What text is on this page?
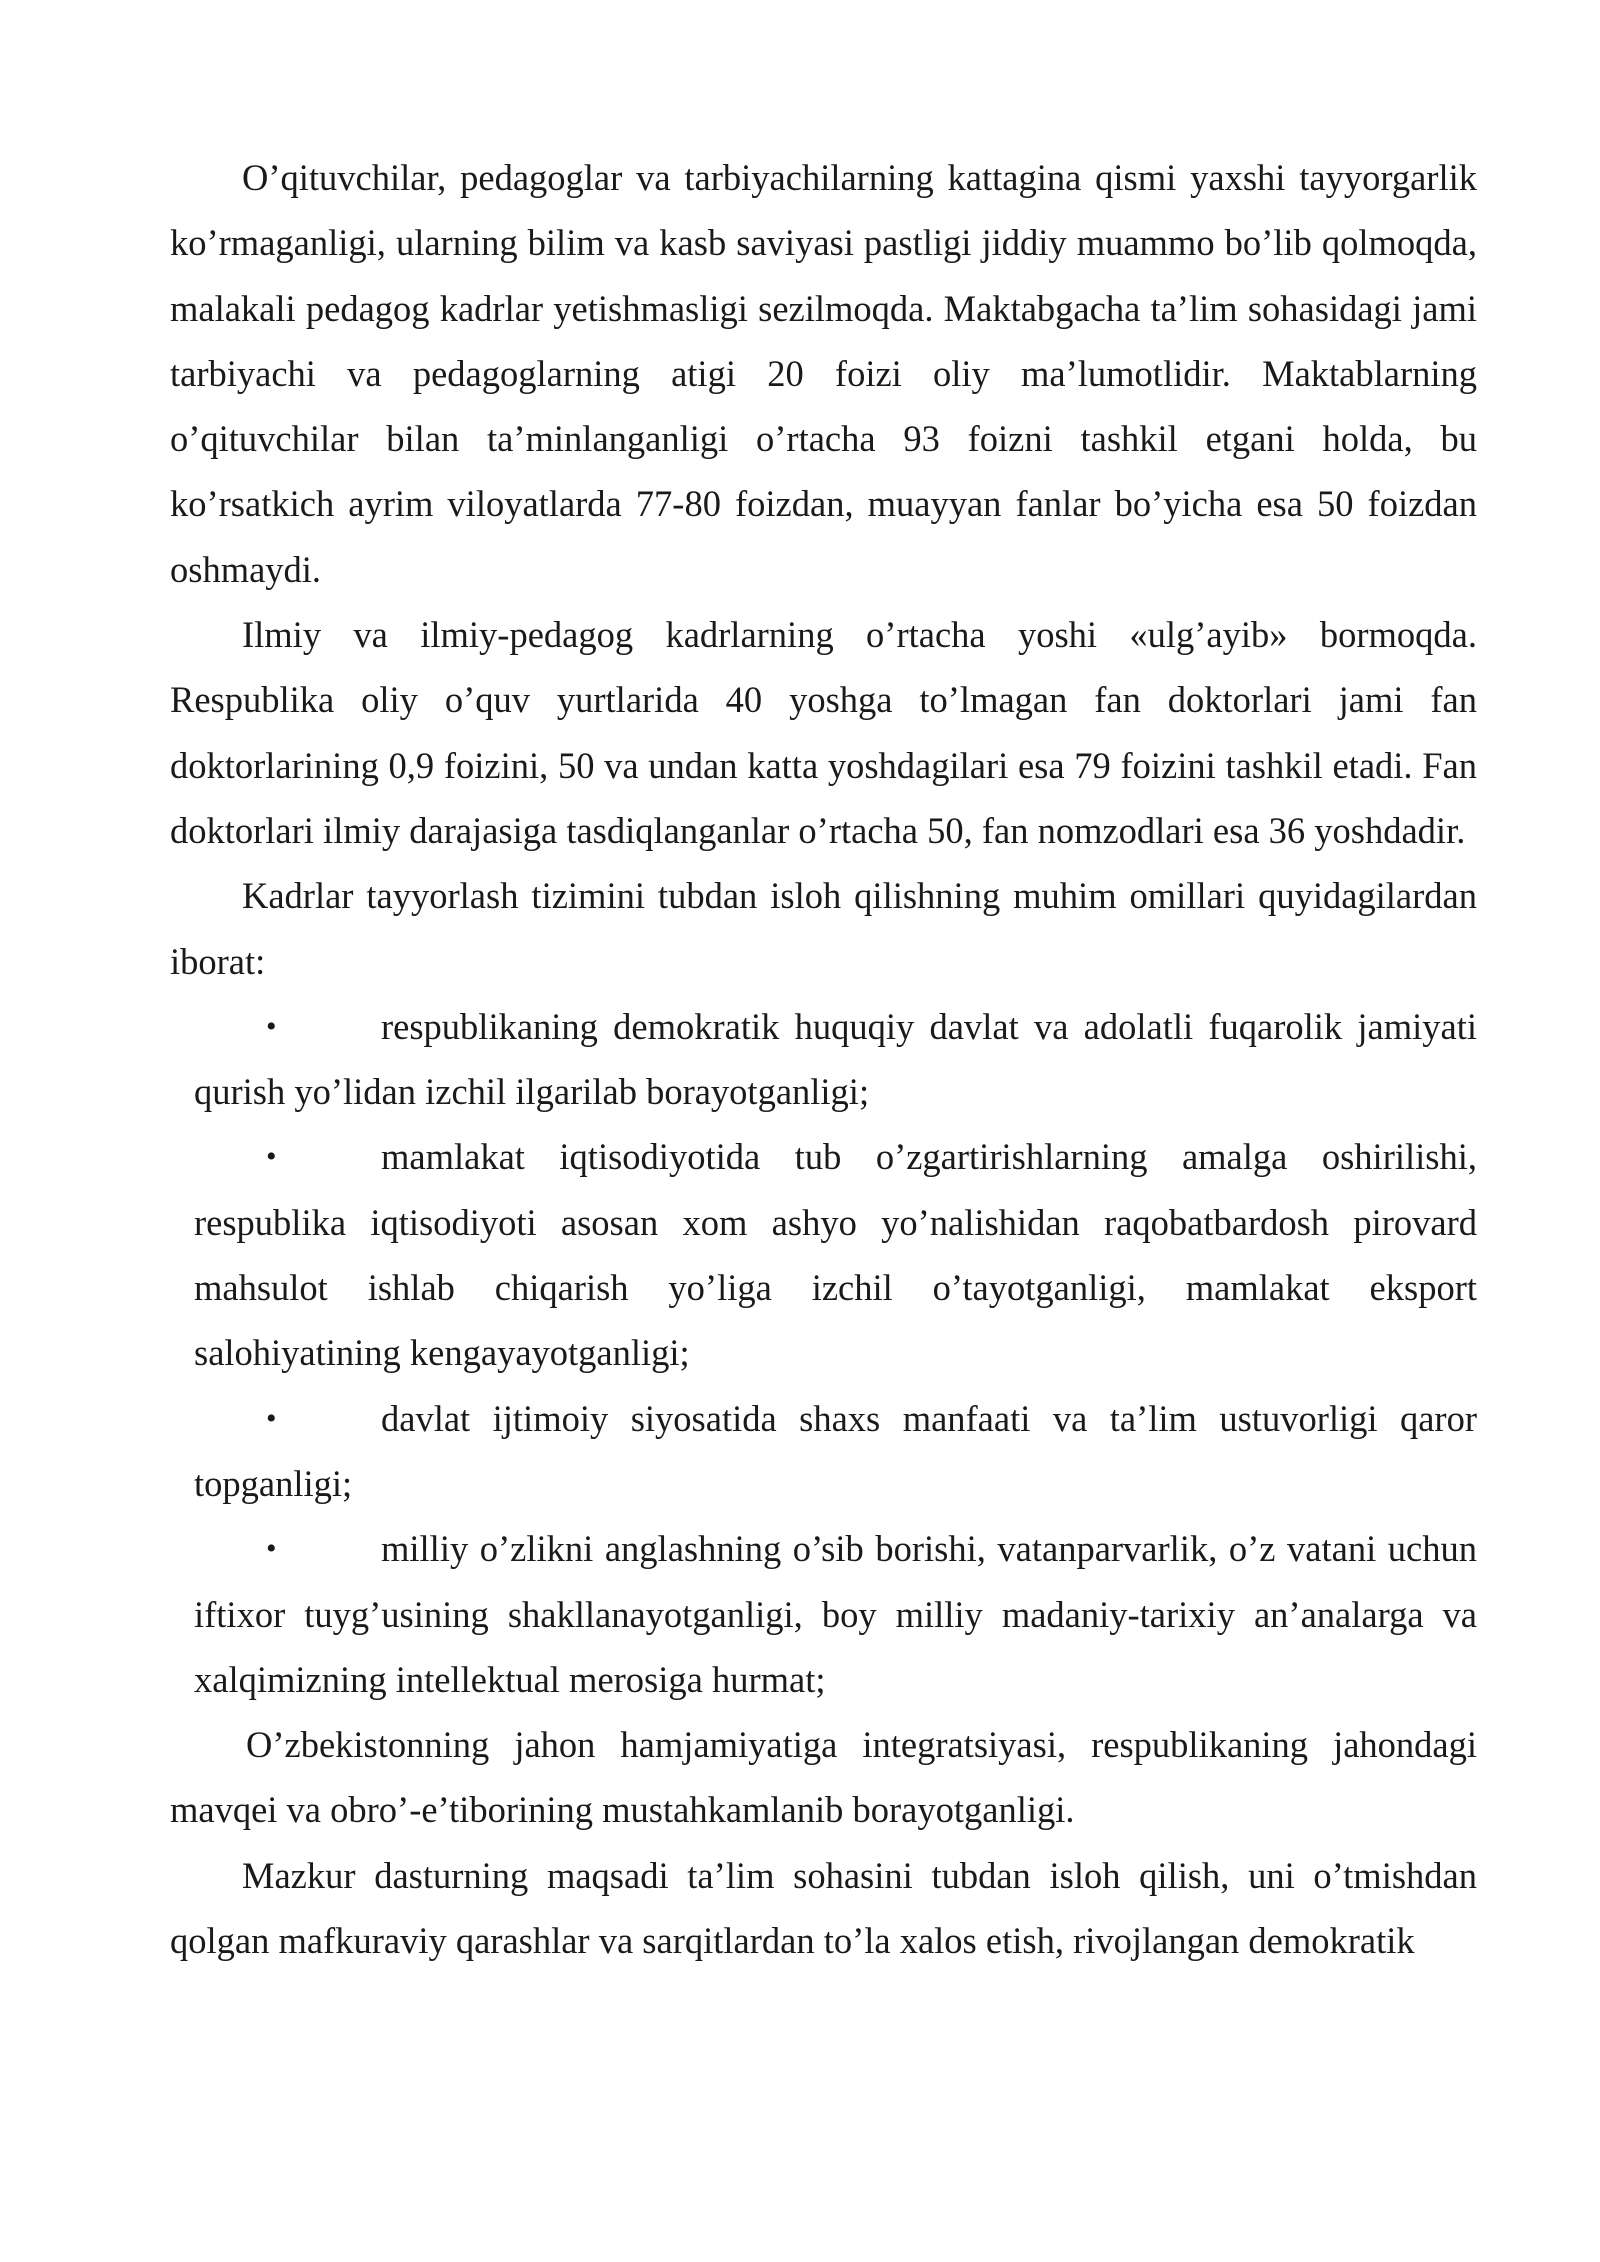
O’qituvchilar, pedagoglar va tarbiyachilarning kattagina qismi yaxshi tayyorgarlik ko’rmaganligi, ularning bilim va kasb saviyasi pastligi jiddiy muammo bo’lib qolmoqda, malakali pedagog kadrlar yetishmasligi sezilmoqda. Maktabgacha ta’lim sohasidagi jami tarbiyachi va pedagoglarning atigi 20 foizi oliy ma’lumotlidir. Maktablarning o’qituvchilar bilan ta’minlanganligi o’rtacha 93 foizni tashkil etgani holda, bu ko’rsatkich ayrim viloyatlarda 77-80 foizdan, muayyan fanlar bo’yicha esa 50 foizdan oshmaydi.

Ilmiy va ilmiy-pedagog kadrlarning o’rtacha yoshi «ulg’ayib» bormoqda. Respublika oliy o’quv yurtlarida 40 yoshga to’lmagan fan doktorlari jami fan doktorlarining 0,9 foizini, 50 va undan katta yoshdagilari esa 79 foizini tashkil etadi. Fan doktorlari ilmiy darajasiga tasdiqlanganlar o’rtacha 50, fan nomzodlari esa 36 yoshdadir.

Kadrlar tayyorlash tizimini tubdan isloh qilishning muhim omillari quyidagilardan iborat:

•	respublikaning demokratik huquqiy davlat va adolatli fuqarolik jamiyati qurish yo’lidan izchil ilgarilab borayotganligi;
•	mamlakat iqtisodiyotida tub o’zgartirishlarning amalga oshirilishi, respublika iqtisodiyoti asosan xom ashyo yo’nalishidan raqobatbardosh pirovard mahsulot ishlab chiqarish yo’liga izchil o’tayotganligi, mamlakat eksport salohiyatining kengayayotganligi;
•	davlat ijtimoiy siyosatida shaxs manfaati va ta’lim ustuvorligi qaror topganligi;
•	milliy o’zlikni anglashning o’sib borishi, vatanparvarlik, o’z vatani uchun iftixor tuyg’usining shakllanayotganligi, boy milliy madaniy-tarixiy an’analarga va xalqimizning intellektual merosiga hurmat;

O’zbekistonning jahon hamjamiyatiga integratsiyasi, respublikaning jahondagi mavqei va obro’-e’tiborining mustahkamlanib borayotganligi.

Mazkur dasturning maqsadi ta’lim sohasini tubdan isloh qilish, uni o’tmishdan qolgan mafkuraviy qarashlar va sarqitlardan to’la xalos etish, rivojlangan demokratik
